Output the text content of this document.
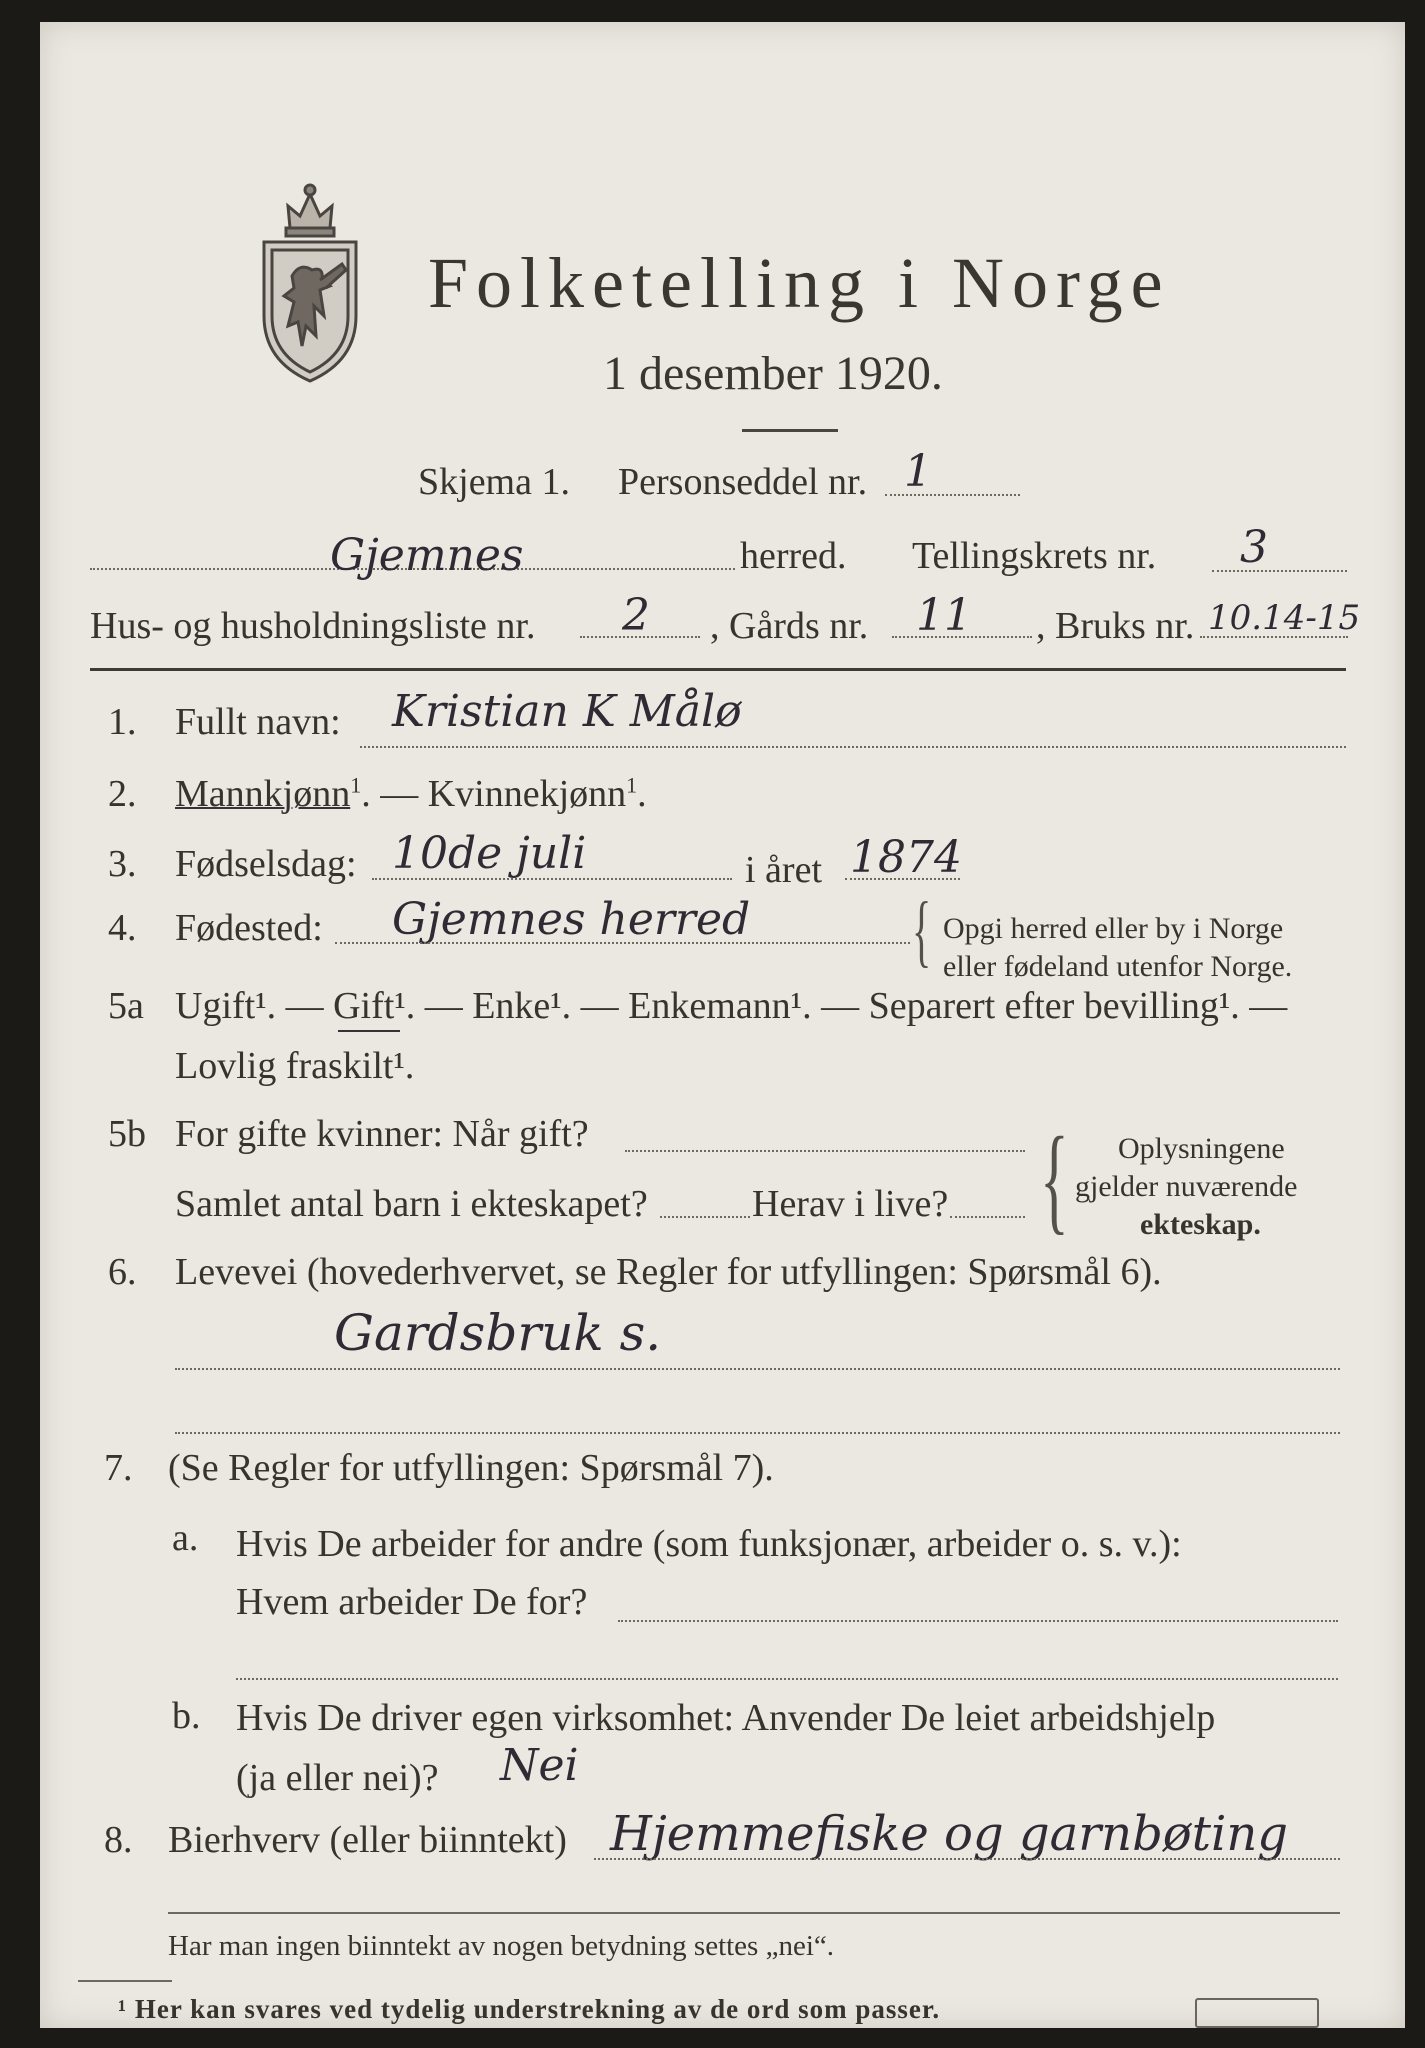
Folketelling i Norge
1 desember 1920.
Skjema 1. Personseddel nr. 1
Gjemnes	herred. Tellingskrets nr. 3
Hus- og husholdningsliste nr. 2 , Gårds nr. 11 , Bruks nr. 10.14-15
1. Fullt navn: Kristian K Målø
2. Mannkjønn$^1$. — Kvinnekjønn$^1$.
3. Fødselsdag: 10de juli	i året 1874
4. Fødested: Gjemnes herred { Opgi herred eller by i Norge
eller fødeland utenfor Norge.
5a Ugift¹. — Gift¹. — Enke¹. — Enkemann¹. — Separert efter bevilling¹. —
Lovlig fraskilt¹.
5b For gifte kvinner: Når gift?
Samlet antal barn i ekteskapet?	Herav i live? { Oplysningene
gjelder nuværende
ekteskap.
6. Levevei (hovederhvervet, se Regler for utfyllingen: Spørsmål 6).
Gardsbruk s.
7. (Se Regler for utfyllingen: Spørsmål 7).
a. Hvis De arbeider for andre (som funksjonær, arbeider o. s. v.):
Hvem arbeider De for?
b. Hvis De driver egen virksomhet: Anvender De leiet arbeidshjelp
(ja eller nei)? Nei
8. Bierhverv (eller biinntekt) Hjemmefiske og garnbøting
Har man ingen biinntekt av nogen betydning settes „nei“.
¹ Her kan svares ved tydelig understrekning av de ord som passer.
